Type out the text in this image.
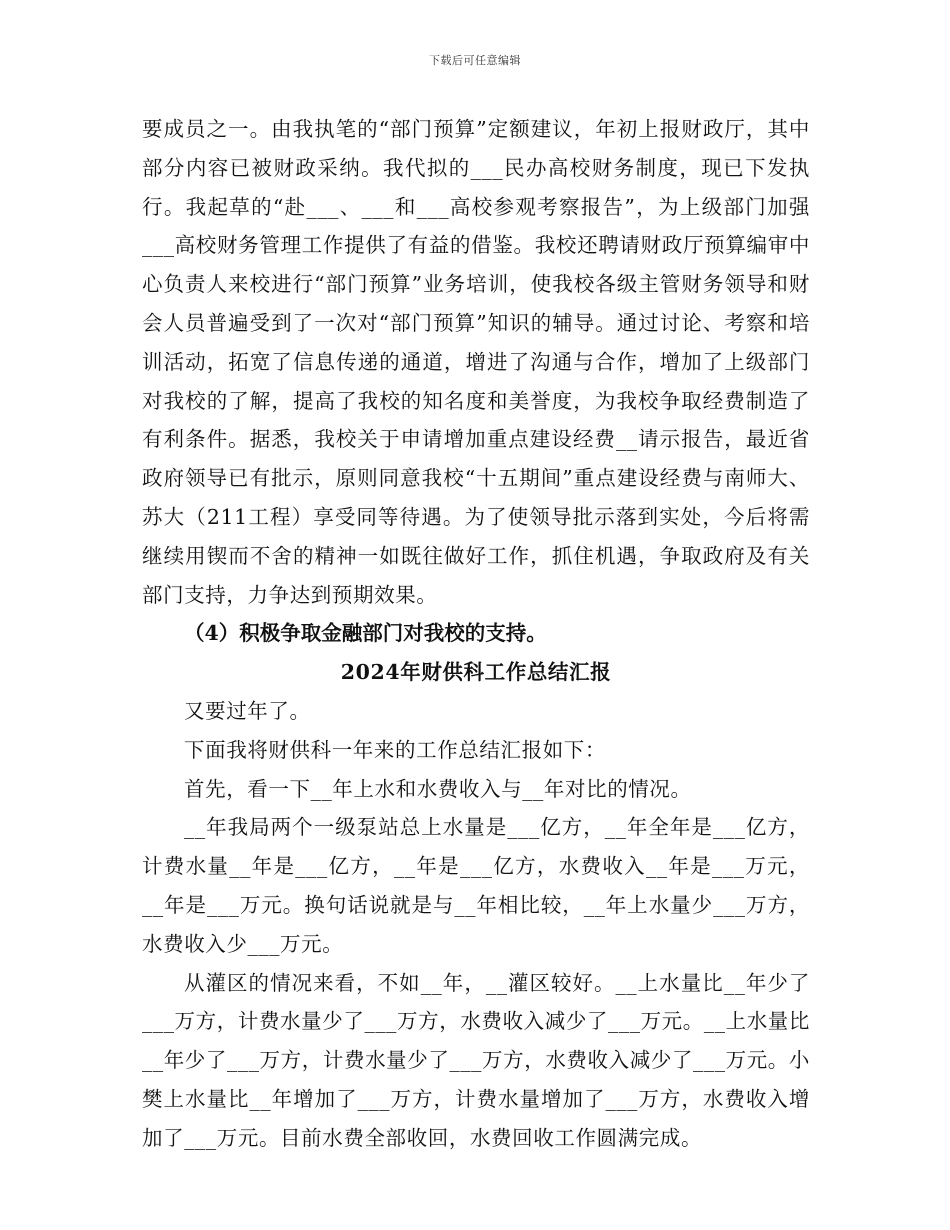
下载后可任意编辑

要成员之一。由我执笔的“部门预算”定额建议，年初上报财政厅，其中部分内容已被财政采纳。我代拟的___民办高校财务制度，现已下发执行。我起草的“赴___、___和___高校参观考察报告”，为上级部门加强___高校财务管理工作提供了有益的借鉴。我校还聘请财政厅预算编审中心负责人来校进行“部门预算”业务培训，使我校各级主管财务领导和财会人员普遍受到了一次对“部门预算”知识的辅导。通过讨论、考察和培训活动，拓宽了信息传递的通道，增进了沟通与合作，增加了上级部门对我校的了解，提高了我校的知名度和美誉度，为我校争取经费制造了有利条件。据悉，我校关于申请增加重点建设经费__请示报告，最近省政府领导已有批示，原则同意我校“十五期间”重点建设经费与南师大、苏大（211工程）享受同等待遇。为了使领导批示落到实处，今后将需继续用锲而不舍的精神一如既往做好工作，抓住机遇，争取政府及有关部门支持，力争达到预期效果。

（4）积极争取金融部门对我校的支持。

2024年财供科工作总结汇报

又要过年了。

下面我将财供科一年来的工作总结汇报如下：

首先，看一下__年上水和水费收入与__年对比的情况。

__年我局两个一级泵站总上水量是___亿方，__年全年是___亿方，计费水量__年是___亿方，__年是___亿方，水费收入__年是___万元，__年是___万元。换句话说就是与__年相比较，__年上水量少___万方，水费收入少___万元。

从灌区的情况来看，不如__年，__灌区较好。__上水量比__年少了___万方，计费水量少了___万方，水费收入减少了___万元。__上水量比__年少了___万方，计费水量少了___万方，水费收入减少了___万元。小樊上水量比__年增加了___万方，计费水量增加了___万方，水费收入增加了___万元。目前水费全部收回，水费回收工作圆满完成。
